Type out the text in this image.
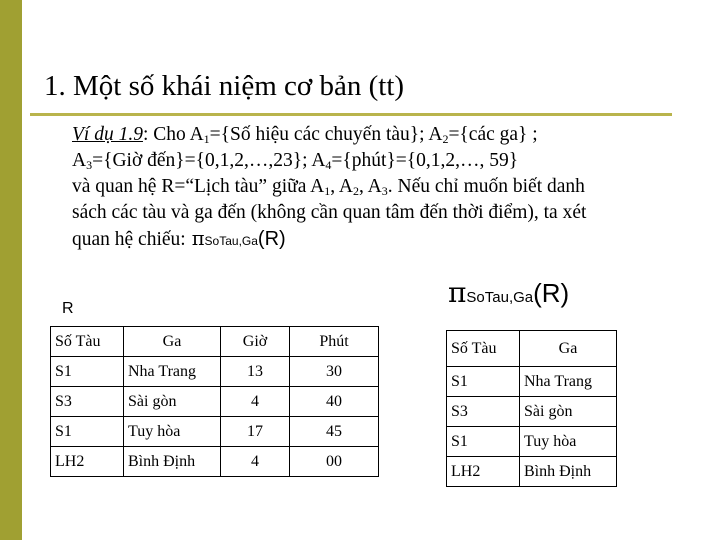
1. Một số khái niệm cơ bản (tt)
Ví dụ 1.9: Cho $A_1=\{Số$ hiệu các chuyến tàu}; $A_2=\{các$ ga} ;
$A_3=\{Giờ$ đến}={0,1,2,…,23}; $A_4=\{phút\}=\{0,1,2,\dots$, 59}
và quan hệ R=“Lịch tàu” giữa $A_1$, $A_2$, $A_3$. Nếu chỉ muốn biết danh
sách các tàu và ga đến (không cần quan tâm đến thời điểm), ta xét
quan hệ chiếu: πSoTau,Ga(R)
R	πSoTau,Ga(R)
Số Tàu	Ga	Giờ	Phút
S1	Nha Trang	13	30
S3	Sài gòn	4	40
S1	Tuy hòa	17	45
LH2	Bình Định	4	00
Số Tàu	Ga
S1	Nha Trang
S3	Sài gòn
S1	Tuy hòa
LH2	Bình Định
